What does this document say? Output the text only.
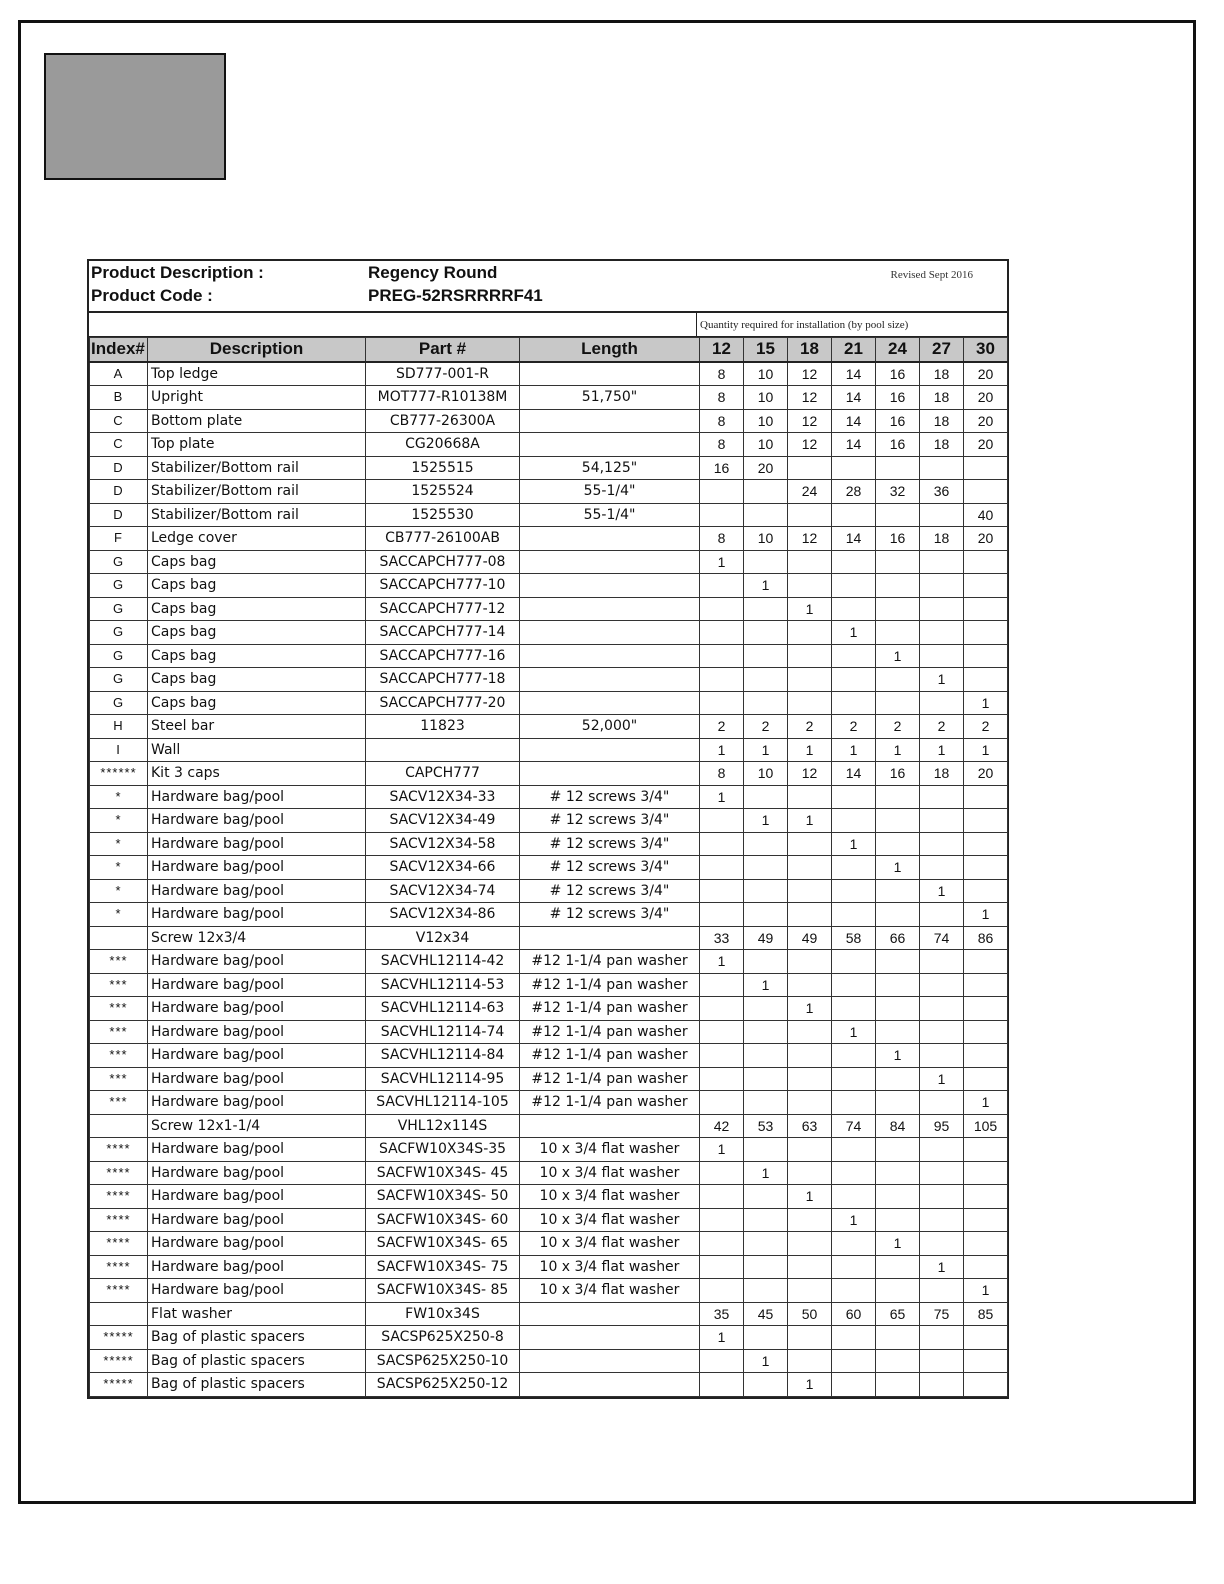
Product Description :
Product Code :
Regency Round
PREG-52RSRRRRF41
Revised Sept 2016
Quantity required for installation (by pool size)
Index#	Description	Part #	Length	12	15	18	21	24	27	30
A	Top ledge	SD777-001-R		8	10	12	14	16	18	20
B	Upright	MOT777-R10138M	51,750"	8	10	12	14	16	18	20
C	Bottom plate	CB777-26300A		8	10	12	14	16	18	20
C	Top plate	CG20668A		8	10	12	14	16	18	20
D	Stabilizer/Bottom rail	1525515	54,125"	16	20					
D	Stabilizer/Bottom rail	1525524	55-1/4"			24	28	32	36	
D	Stabilizer/Bottom rail	1525530	55-1/4"							40
F	Ledge cover	CB777-26100AB		8	10	12	14	16	18	20
G	Caps bag	SACCAPCH777-08		1						
G	Caps bag	SACCAPCH777-10			1					
G	Caps bag	SACCAPCH777-12				1				
G	Caps bag	SACCAPCH777-14					1			
G	Caps bag	SACCAPCH777-16						1		
G	Caps bag	SACCAPCH777-18							1	
G	Caps bag	SACCAPCH777-20								1
H	Steel bar	11823	52,000"	2	2	2	2	2	2	2
I	Wall			1	1	1	1	1	1	1
******	Kit 3 caps	CAPCH777		8	10	12	14	16	18	20
*	Hardware bag/pool	SACV12X34-33	# 12 screws 3/4"	1						
*	Hardware bag/pool	SACV12X34-49	# 12 screws 3/4"		1	1				
*	Hardware bag/pool	SACV12X34-58	# 12 screws 3/4"				1			
*	Hardware bag/pool	SACV12X34-66	# 12 screws 3/4"					1		
*	Hardware bag/pool	SACV12X34-74	# 12 screws 3/4"						1	
*	Hardware bag/pool	SACV12X34-86	# 12 screws 3/4"							1
	Screw 12x3/4	V12x34		33	49	49	58	66	74	86
***	Hardware bag/pool	SACVHL12114-42	#12 1-1/4 pan washer	1						
***	Hardware bag/pool	SACVHL12114-53	#12 1-1/4 pan washer		1					
***	Hardware bag/pool	SACVHL12114-63	#12 1-1/4 pan washer			1				
***	Hardware bag/pool	SACVHL12114-74	#12 1-1/4 pan washer				1			
***	Hardware bag/pool	SACVHL12114-84	#12 1-1/4 pan washer					1		
***	Hardware bag/pool	SACVHL12114-95	#12 1-1/4 pan washer						1	
***	Hardware bag/pool	SACVHL12114-105	#12 1-1/4 pan washer							1
	Screw 12x1-1/4	VHL12x114S		42	53	63	74	84	95	105
****	Hardware bag/pool	SACFW10X34S-35	10 x 3/4 flat washer	1						
****	Hardware bag/pool	SACFW10X34S- 45	10 x 3/4 flat washer		1					
****	Hardware bag/pool	SACFW10X34S- 50	10 x 3/4 flat washer			1				
****	Hardware bag/pool	SACFW10X34S- 60	10 x 3/4 flat washer				1			
****	Hardware bag/pool	SACFW10X34S- 65	10 x 3/4 flat washer					1		
****	Hardware bag/pool	SACFW10X34S- 75	10 x 3/4 flat washer						1	
****	Hardware bag/pool	SACFW10X34S- 85	10 x 3/4 flat washer							1
	Flat washer	FW10x34S		35	45	50	60	65	75	85
*****	Bag of plastic spacers	SACSP625X250-8		1						
*****	Bag of plastic spacers	SACSP625X250-10			1					
*****	Bag of plastic spacers	SACSP625X250-12				1				
